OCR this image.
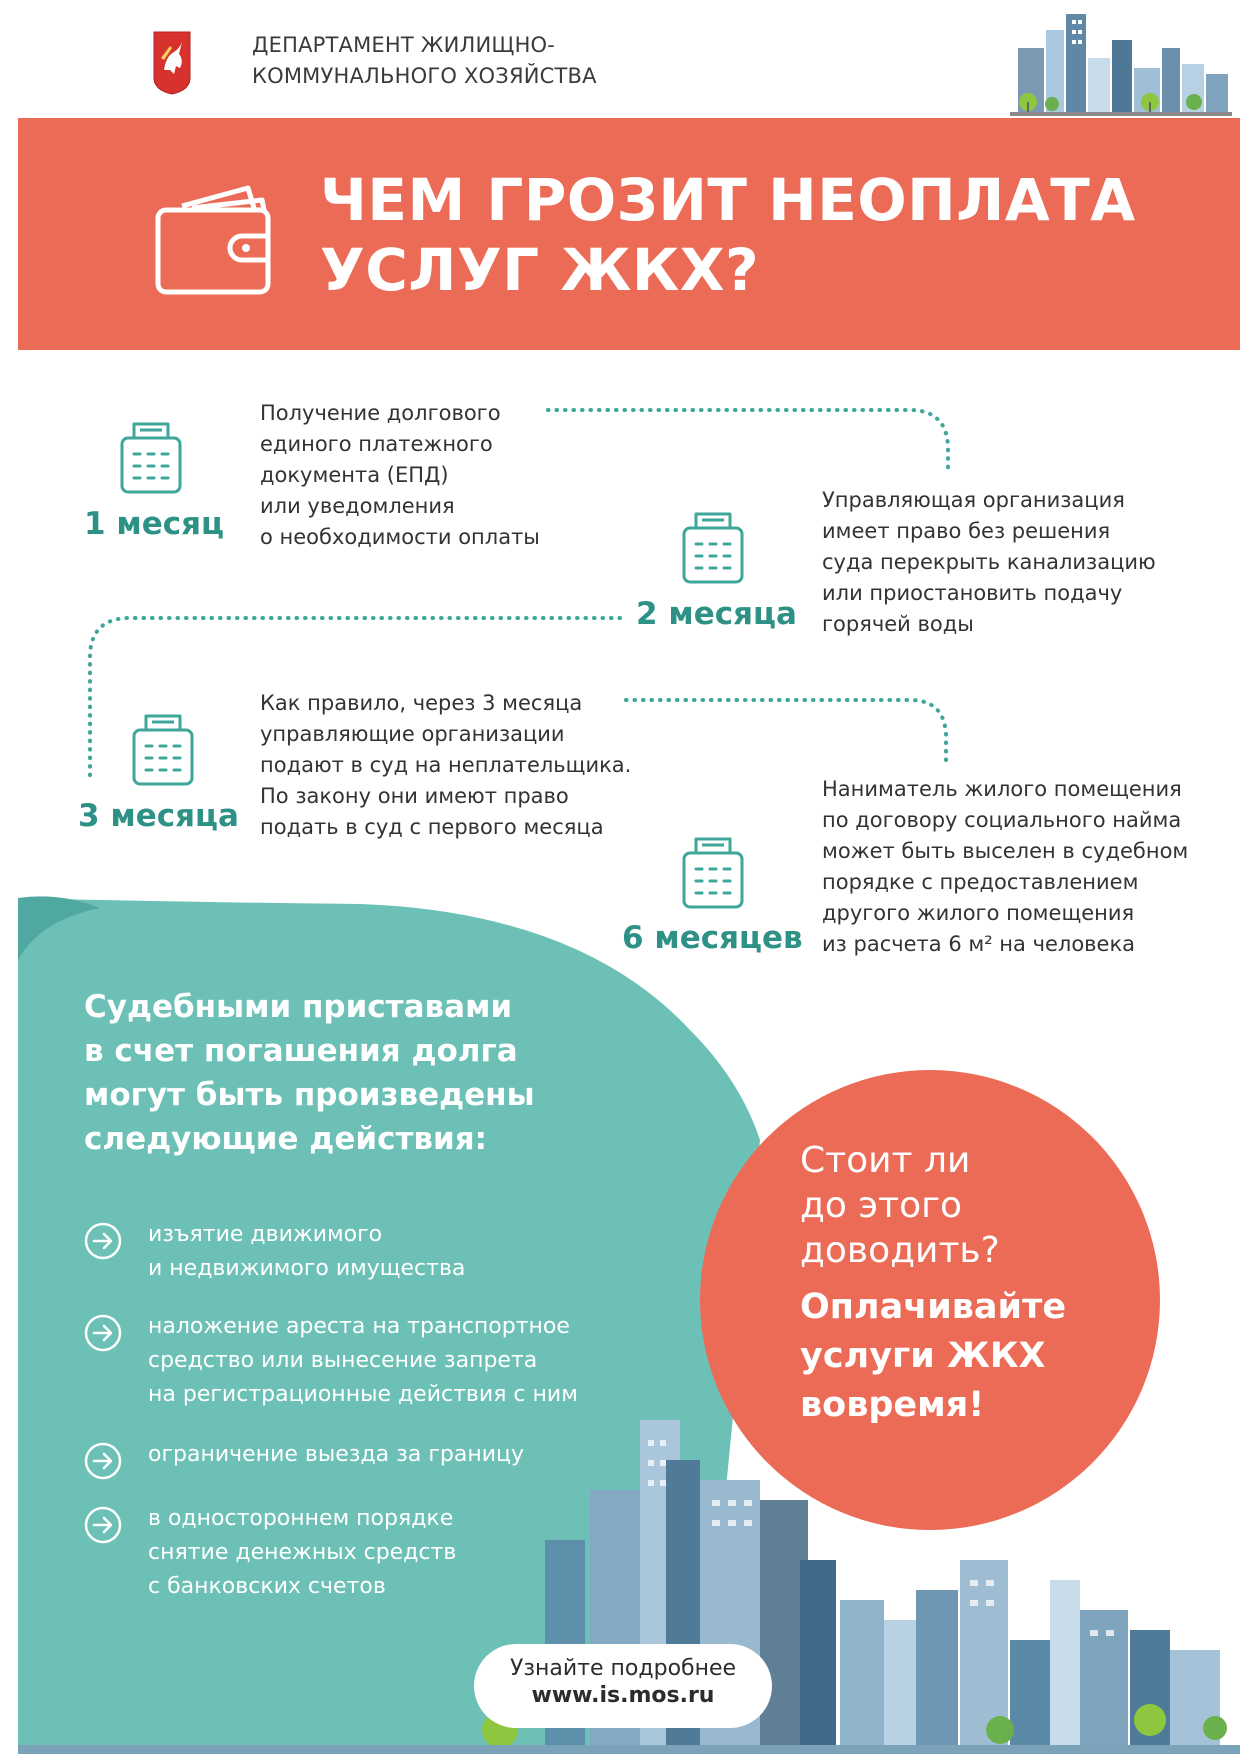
ДЕПАРТАМЕНТ ЖИЛИЩНО-
КОММУНАЛЬНОГО ХОЗЯЙСТВА
ЧЕМ ГРОЗИТ НЕОПЛАТА
УСЛУГ ЖКХ?
1 месяц
Получение долгового
единого платежного
документа (ЕПД)
или уведомления
о необходимости оплаты
2 месяца
Управляющая организация
имеет право без решения
суда перекрыть канализацию
или приостановить подачу
горячей воды
3 месяца
Как правило, через 3 месяца
управляющие организации
подают в суд на неплательщика.
По закону они имеют право
подать в суд с первого месяца
6 месяцев
Наниматель жилого помещения
по договору социального найма
может быть выселен в судебном
порядке с предоставлением
другого жилого помещения
из расчета 6 м² на человека
Судебными приставами
в счет погашения долга
могут быть произведены
следующие действия:
изъятие движимого
и недвижимого имущества
наложение ареста на транспортное
средство или вынесение запрета
на регистрационные действия с ним
ограничение выезда за границу
в одностороннем порядке
снятие денежных средств
с банковских счетов
Стоит ли
до этого
доводить?
Оплачивайте
услуги ЖКХ
вовремя!
Узнайте подробнее
www.is.mos.ru
